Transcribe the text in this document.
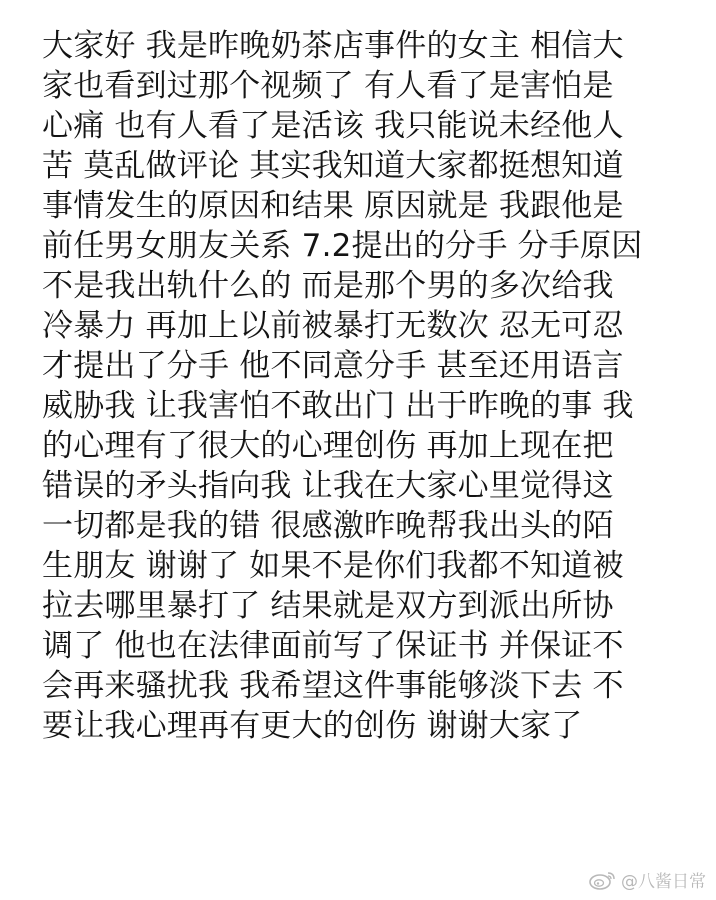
大家好 我是昨晚奶茶店事件的女主 相信大
家也看到过那个视频了 有人看了是害怕是
心痛 也有人看了是活该 我只能说未经他人
苦 莫乱做评论 其实我知道大家都挺想知道
事情发生的原因和结果 原因就是 我跟他是
前任男女朋友关系 7.2提出的分手 分手原因
不是我出轨什么的 而是那个男的多次给我
冷暴力 再加上以前被暴打无数次 忍无可忍
才提出了分手 他不同意分手 甚至还用语言
威胁我 让我害怕不敢出门 出于昨晚的事 我
的心理有了很大的心理创伤 再加上现在把
错误的矛头指向我 让我在大家心里觉得这
一切都是我的错 很感激昨晚帮我出头的陌
生朋友 谢谢了 如果不是你们我都不知道被
拉去哪里暴打了 结果就是双方到派出所协
调了 他也在法律面前写了保证书 并保证不
会再来骚扰我 我希望这件事能够淡下去 不
要让我心理再有更大的创伤 谢谢大家了
@八酱日常
